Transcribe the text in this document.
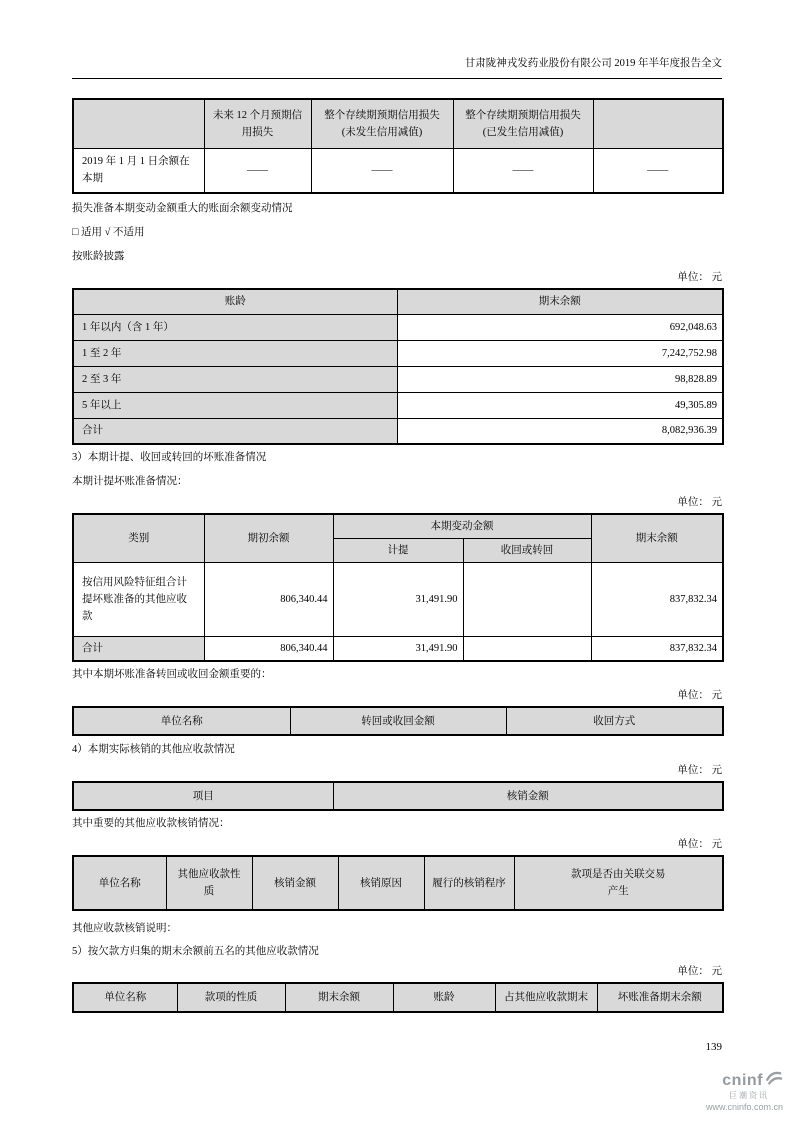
甘肃陇神戎发药业股份有限公司 2019 年半年度报告全文
	未来 12 个月预期信用损失	整个存续期预期信用损失 (未发生信用减值)	整个存续期预期信用损失 (已发生信用减值)	
2019 年 1 月 1 日余额在本期	——	——	——	——

损失准备本期变动金额重大的账面余额变动情况

□ 适用 √ 不适用

按账龄披露

单位： 元
账龄	期末余额
1 年以内（含 1 年）	692,048.63
1 至 2 年	7,242,752.98
2 至 3 年	98,828.89
5 年以上	49,305.89
合计	8,082,936.39

3）本期计提、收回或转回的坏账准备情况

本期计提坏账准备情况：

单位： 元
类别	期初余额	本期变动金额		期末余额
		计提	收回或转回	
按信用风险特征组合计提坏账准备的其他应收款	806,340.44	31,491.90		837,832.34
合计	806,340.44	31,491.90		837,832.34

其中本期坏账准备转回或收回金额重要的：

单位： 元
单位名称	转回或收回金额	收回方式

4）本期实际核销的其他应收款情况

单位： 元
项目	核销金额

其中重要的其他应收款核销情况：

单位： 元
单位名称	其他应收款性质	核销金额	核销原因	履行的核销程序	款项是否由关联交易产生

其他应收款核销说明：

5）按欠款方归集的期末余额前五名的其他应收款情况

单位： 元
单位名称	款项的性质	期末余额	账龄	占其他应收款期末	坏账准备期末余额
139
cninf
巨潮资讯
www.cninfo.com.cn
